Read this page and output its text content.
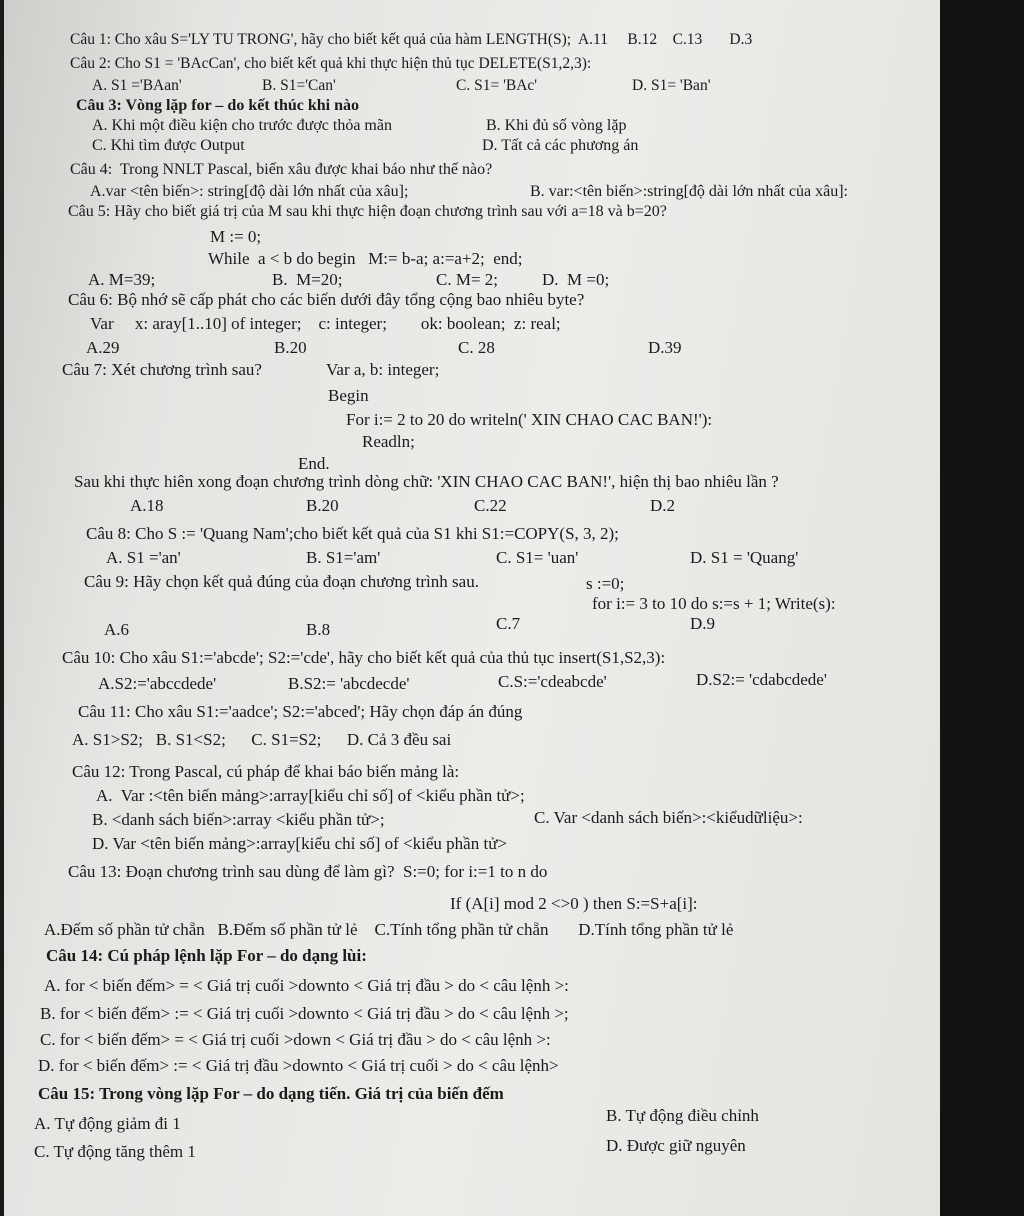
Câu 1: Cho xâu S='LY TU TRONG', hãy cho biết kết quả của hàm LENGTH(S);  A.11     B.12    C.13       D.3
Câu 2: Cho S1 = 'BAcCan', cho biết kết quả khi thực hiện thủ tục DELETE(S1,2,3):
A. S1 ='BAan'	B. S1='Can'	C. S1= 'BAc'	D. S1= 'Ban'
Câu 3: Vòng lặp for – do kết thúc khi nào
A. Khi một điều kiện cho trước được thỏa mãn	B. Khi đủ số vòng lặp
C. Khi tìm được Output	D. Tất cả các phương án
Câu 4:  Trong NNLT Pascal, biến xâu được khai báo như thế nào?
A.var <tên biến>: string[độ dài lớn nhất của xâu];	B. var:<tên biến>:string[độ dài lớn nhất của xâu]:
Câu 5: Hãy cho biết giá trị của M sau khi thực hiện đoạn chương trình sau với a=18 và b=20?
M := 0;
While  a < b do begin   M:= b-a; a:=a+2;  end;
A. M=39;	B.  M=20;	C. M= 2;	D.  M =0;
Câu 6: Bộ nhớ sẽ cấp phát cho các biến dưới đây tổng cộng bao nhiêu byte?
Var     x: aray[1..10] of integer;    c: integer;        ok: boolean;  z: real;
A.29	B.20	C. 28	D.39
Câu 7: Xét chương trình sau?	Var a, b: integer;
Begin
For i:= 2 to 20 do writeln(' XIN CHAO CAC BAN!'):
Readln;
End.
Sau khi thực hiên xong đoạn chương trình dòng chữ: 'XIN CHAO CAC BAN!', hiện thị bao nhiêu lần ?
A.18	B.20	C.22	D.2
Câu 8: Cho S := 'Quang Nam';cho biết kết quả của S1 khi S1:=COPY(S, 3, 2);
A. S1 ='an'	B. S1='am'	C. S1= 'uan'	D. S1 = 'Quang'
Câu 9: Hãy chọn kết quả đúng của đoạn chương trình sau.	s :=0;
for i:= 3 to 10 do s:=s + 1; Write(s):
A.6	B.8	C.7	D.9
Câu 10: Cho xâu S1:='abcde'; S2:='cde', hãy cho biết kết quả của thủ tục insert(S1,S2,3):
A.S2:='abccdede'	B.S2:= 'abcdecde'	C.S:='cdeabcde'	D.S2:= 'cdabcdede'
Câu 11: Cho xâu S1:='aadce'; S2:='abced'; Hãy chọn đáp án đúng
A. S1>S2;   B. S1<S2;      C. S1=S2;      D. Cả 3 đều sai
Câu 12: Trong Pascal, cú pháp để khai báo biến mảng là:
A.  Var :<tên biến mảng>:array[kiểu chỉ số] of <kiểu phần tử>;
B. <danh sách biến>:array <kiểu phần tử>;	C. Var <danh sách biến>:<kiểudữliệu>:
D. Var <tên biến mảng>:array[kiểu chỉ số] of <kiểu phần tử>
Câu 13: Đoạn chương trình sau dùng để làm gì?  S:=0; for i:=1 to n do
If (A[i] mod 2 <>0 ) then S:=S+a[i]:
A.Đếm số phần tử chẵn   B.Đếm số phần tử lẻ    C.Tính tổng phần tử chẵn       D.Tính tổng phần tử lẻ
Câu 14: Cú pháp lệnh lặp For – do dạng lùi:
A. for < biến đếm> = < Giá trị cuối >downto < Giá trị đầu > do < câu lệnh >:
B. for < biến đếm> := < Giá trị cuối >downto < Giá trị đầu > do < câu lệnh >;
C. for < biến đếm> = < Giá trị cuối >down < Giá trị đầu > do < câu lệnh >:
D. for < biến đếm> := < Giá trị đầu >downto < Giá trị cuối > do < câu lệnh>
Câu 15: Trong vòng lặp For – do dạng tiến. Giá trị của biến đếm
A. Tự động giảm đi 1	B. Tự động điều chỉnh
C. Tự động tăng thêm 1	D. Được giữ nguyên
